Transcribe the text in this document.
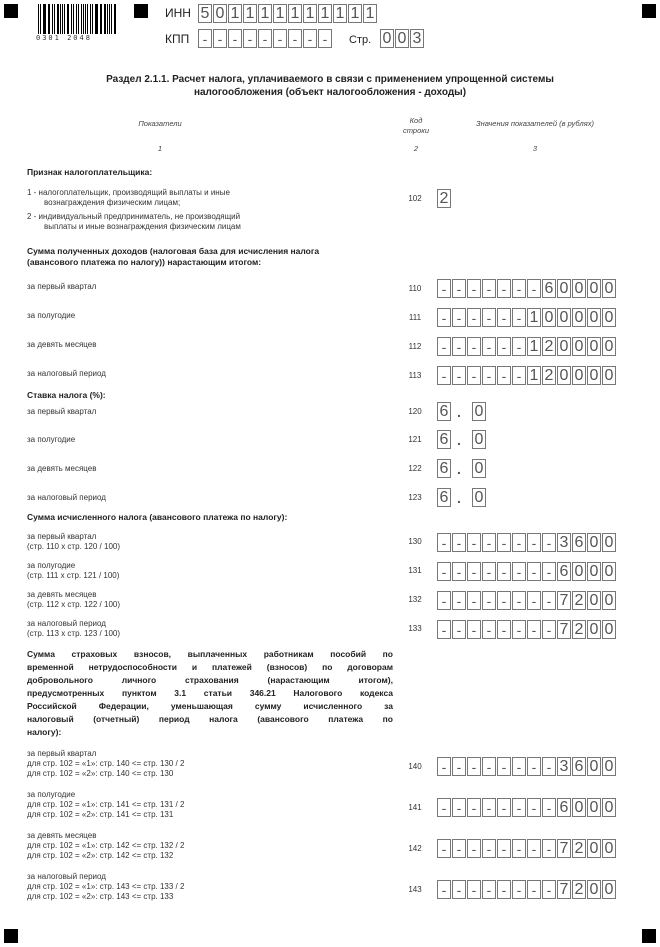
0301 2048
ИНН 5 0 1 1 1 1 1 1 1 1 1 1
КПП - - - - - - - - -	Стр. 0 0 3
Раздел 2.1.1. Расчет налога, уплачиваемого в связи с применением упрощенной системы
налогообложения (объект налогообложения - доходы)
Показатели	Код
строки
Значения показателей (в рублях)
1	2	3
Признак налогоплательщика:
1 - налогоплательщик, производящий выплаты и иные
вознаграждения физическим лицам;
2 - индивидуальный предприниматель, не производящий
выплаты и иные вознаграждения физическим лицам
102	2
Сумма полученных доходов (налоговая база для исчисления налога
(авансового платежа по налогу)) нарастающим итогом:
за первый квартал	110	- - - - - - - 6 0 0 0 0
за полугодие	111	- - - - - - 1 0 0 0 0 0
за девять месяцев	112	- - - - - - 1 2 0 0 0 0
за налоговый период	113	- - - - - - 1 2 0 0 0 0
Ставка налога (%):
за первый квартал	120	6 . 0
за полугодие	121	6 . 0
за девять месяцев	122	6 . 0
за налоговый период	123	6 . 0
Сумма исчисленного налога (авансового платежа по налогу):
за первый квартал
(стр. 110 х стр. 120 / 100)
130	- - - - - - - - 3 6 0 0
за полугодие
(стр. 111 х стр. 121 / 100)
131	- - - - - - - - 6 0 0 0
за девять месяцев
(стр. 112 х стр. 122 / 100)
132	- - - - - - - - 7 2 0 0
за налоговый период
(стр. 113 х стр. 123 / 100)
133	- - - - - - - - 7 2 0 0
Сумма страховых взносов, выплаченных работникам пособий по
временной нетрудоспособности и платежей (взносов) по договорам
добровольного личного страхования (нарастающим итогом),
предусмотренных пунктом 3.1 статьи 346.21 Налогового кодекса
Российской Федерации, уменьшающая сумму исчисленного за
налоговый (отчетный) период налога (авансового платежа по
налогу):
за первый квартал
для стр. 102 = «1»: стр. 140 <= стр. 130 / 2
для стр. 102 = «2»: стр. 140 <= стр. 130
140	- - - - - - - - 3 6 0 0
за полугодие
для стр. 102 = «1»: стр. 141 <= стр. 131 / 2
для стр. 102 = «2»: стр. 141 <= стр. 131
141	- - - - - - - - 6 0 0 0
за девять месяцев
для стр. 102 = «1»: стр. 142 <= стр. 132 / 2
для стр. 102 = «2»: стр. 142 <= стр. 132
142	- - - - - - - - 7 2 0 0
за налоговый период
для стр. 102 = «1»: стр. 143 <= стр. 133 / 2
для стр. 102 = «2»: стр. 143 <= стр. 133
143	- - - - - - - - 7 2 0 0
